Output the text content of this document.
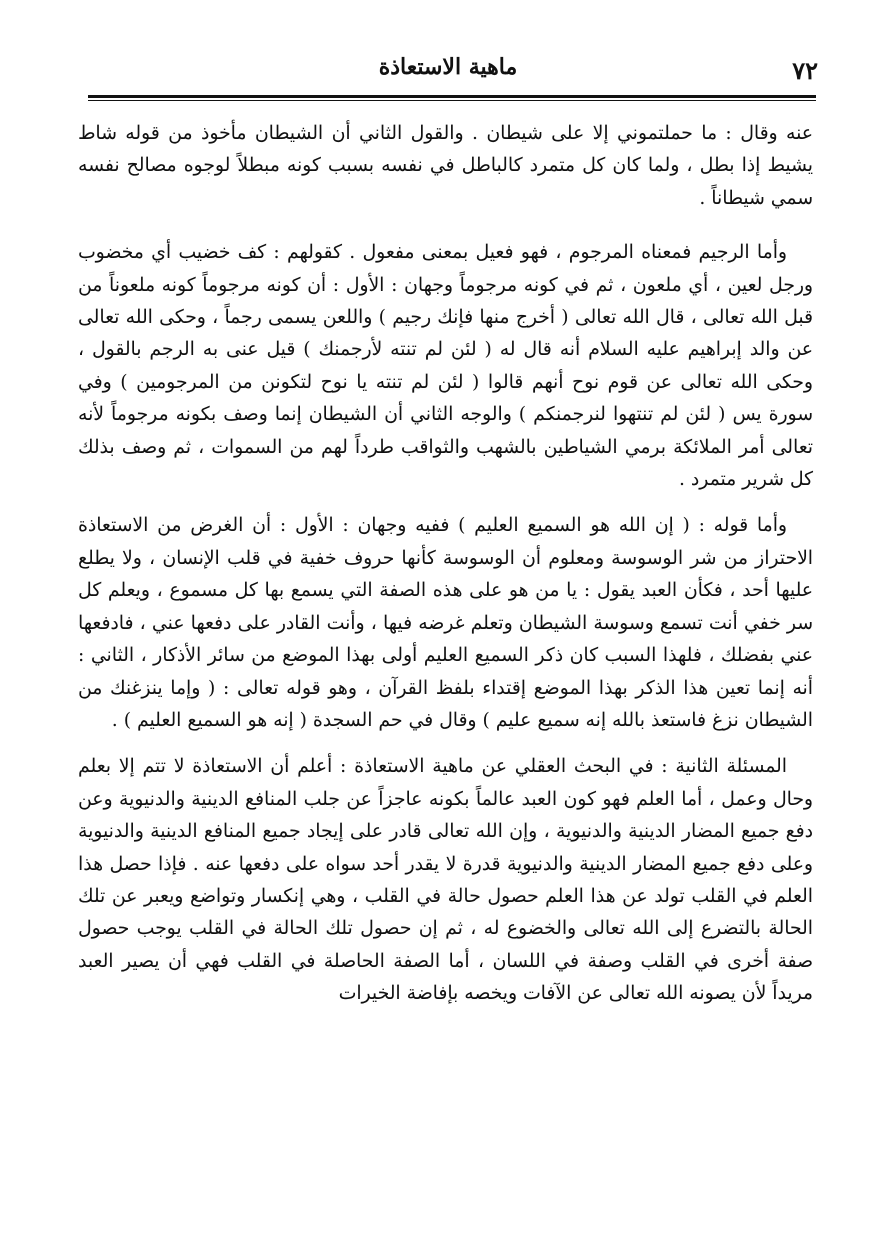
٧٢
ماهية الاستعاذة

عنه وقال : ما حملتموني إلا على شيطان . والقول الثاني أن الشيطان مأخوذ من قوله شاط يشيط إذا بطل ، ولما كان كل متمرد كالباطل في نفسه بسبب كونه مبطلاً لوجوه مصالح نفسه سمي شيطاناً .

وأما الرجيم فمعناه المرجوم ، فهو فعيل بمعنى مفعول . كقولهم : كف خضيب أي مخضوب ورجل لعين ، أي ملعون ، ثم في كونه مرجوماً وجهان : الأول : أن كونه مرجوماً كونه ملعوناً من قبل الله تعالى ، قال الله تعالى ( أخرج منها فإنك رجيم ) واللعن يسمى رجماً ، وحكى الله تعالى عن والد إبراهيم عليه السلام أنه قال له ( لئن لم تنته لأرجمنك ) قيل عنى به الرجم بالقول ، وحكى الله تعالى عن قوم نوح أنهم قالوا ( لئن لم تنته يا نوح لتكونن من المرجومين ) وفي سورة يس ( لئن لم تنتهوا لنرجمنكم ) والوجه الثاني أن الشيطان إنما وصف بكونه مرجوماً لأنه تعالى أمر الملائكة برمي الشياطين بالشهب والثواقب طرداً لهم من السموات ، ثم وصف بذلك كل شرير متمرد .

وأما قوله : ( إن الله هو السميع العليم ) ففيه وجهان : الأول : أن الغرض من الاستعاذة الاحتراز من شر الوسوسة ومعلوم أن الوسوسة كأنها حروف خفية في قلب الإنسان ، ولا يطلع عليها أحد ، فكأن العبد يقول : يا من هو على هذه الصفة التي يسمع بها كل مسموع ، ويعلم كل سر خفي أنت تسمع وسوسة الشيطان وتعلم غرضه فيها ، وأنت القادر على دفعها عني ، فادفعها عني بفضلك ، فلهذا السبب كان ذكر السميع العليم أولى بهذا الموضع من سائر الأذكار ، الثاني : أنه إنما تعين هذا الذكر بهذا الموضع إقتداء بلفظ القرآن ، وهو قوله تعالى : ( وإما ينزغنك من الشيطان نزغ فاستعذ بالله إنه سميع عليم ) وقال في حم السجدة ( إنه هو السميع العليم ) .

المسئلة الثانية : في البحث العقلي عن ماهية الاستعاذة : أعلم أن الاستعاذة لا تتم إلا بعلم وحال وعمل ، أما العلم فهو كون العبد عالماً بكونه عاجزاً عن جلب المنافع الدينية والدنيوية وعن دفع جميع المضار الدينية والدنيوية ، وإن الله تعالى قادر على إيجاد جميع المنافع الدينية والدنيوية وعلى دفع جميع المضار الدينية والدنيوية قدرة لا يقدر أحد سواه على دفعها عنه . فإذا حصل هذا العلم في القلب تولد عن هذا العلم حصول حالة في القلب ، وهي إنكسار وتواضع ويعبر عن تلك الحالة بالتضرع إلى الله تعالى والخضوع له ، ثم إن حصول تلك الحالة في القلب يوجب حصول صفة أخرى في القلب وصفة في اللسان ، أما الصفة الحاصلة في القلب فهي أن يصير العبد مريداً لأن يصونه الله تعالى عن الآفات ويخصه بإفاضة الخيرات
